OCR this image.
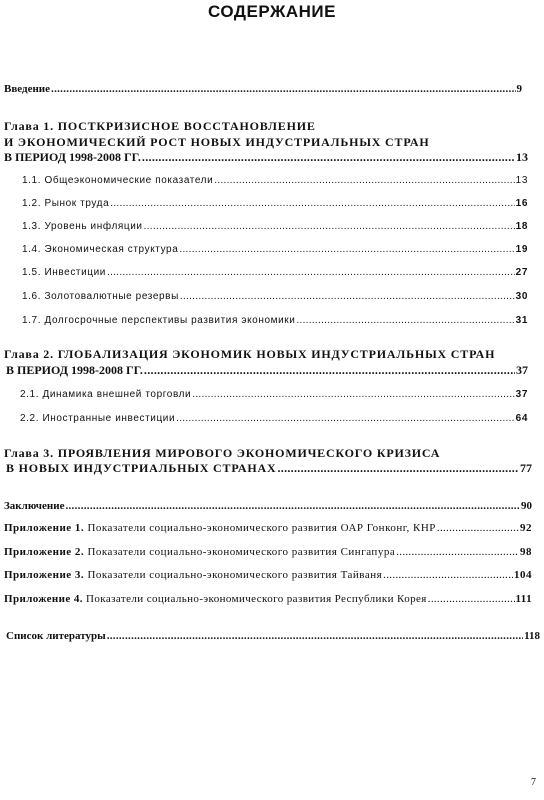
СОДЕРЖАНИЕ
Введение .....	9
Глава 1. ПОСТКРИЗИСНОЕ ВОССТАНОВЛЕНИЕ
И ЭКОНОМИЧЕСКИЙ РОСТ НОВЫХ ИНДУСТРИАЛЬНЫХ СТРАН
В ПЕРИОД 1998-2008 ГГ. .....	13
1.1. Общеэкономические показатели .....	13
1.2. Рынок труда .....	16
1.3. Уровень инфляции .....	18
1.4. Экономическая структура .....	19
1.5. Инвестиции .....	27
1.6. Золотовалютные резервы .....	30
1.7. Долгосрочные перспективы развития экономики .....	31
Глава 2. ГЛОБАЛИЗАЦИЯ ЭКОНОМИК НОВЫХ ИНДУСТРИАЛЬНЫХ СТРАН
В ПЕРИОД 1998-2008 ГГ. .....	37
2.1. Динамика внешней торговли .....	37
2.2. Иностранные инвестиции .....	64
Глава 3. ПРОЯВЛЕНИЯ МИРОВОГО ЭКОНОМИЧЕСКОГО КРИЗИСА
В НОВЫХ ИНДУСТРИАЛЬНЫХ СТРАНАХ .....	77
Заключение .....	90
Приложение 1. Показатели социально-экономического развития ОАР Гонконг, КНР .....	92
Приложение 2. Показатели социально-экономического развития Сингапура .....	98
Приложение 3. Показатели социально-экономического развития Тайваня .....	104
Приложение 4. Показатели социально-экономического развития Республики Корея .....	111
Список литературы .....	118
7
